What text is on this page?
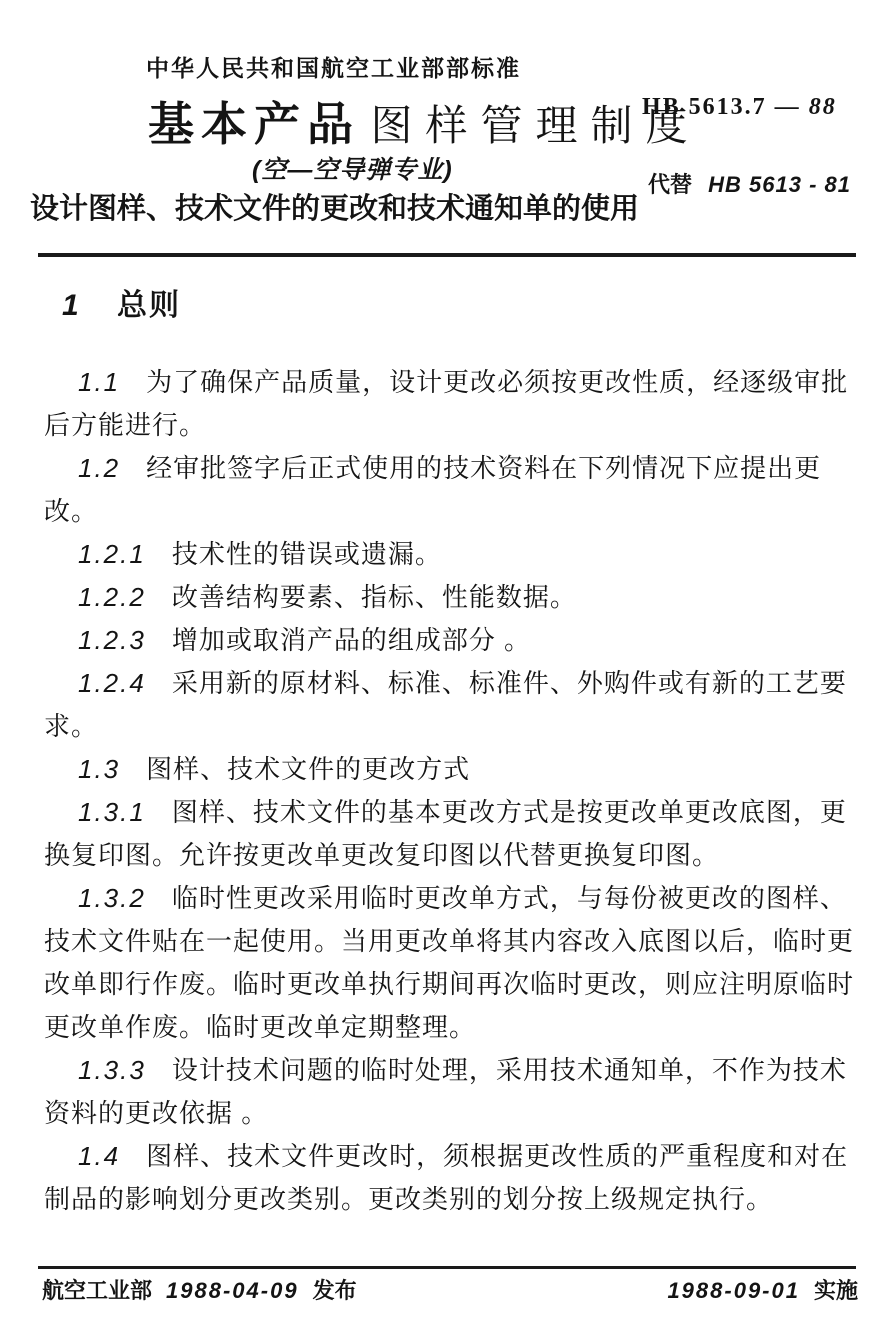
中华人民共和国航空工业部部标准
基本产品 图样管理制度
(空—空导弹专业)
设计图样、技术文件的更改和技术通知单的使用
HB 5613.7 — 88
代替 HB 5613 - 81
1 总则

1.1 为了确保产品质量，设计更改必须按更改性质，经逐级审批后方能进行。

1.2 经审批签字后正式使用的技术资料在下列情况下应提出更改。

1.2.1 技术性的错误或遗漏。

1.2.2 改善结构要素、指标、性能数据。

1.2.3 增加或取消产品的组成部分 。

1.2.4 采用新的原材料、标准、标准件、外购件或有新的工艺要求。

1.3 图样、技术文件的更改方式

1.3.1 图样、技术文件的基本更改方式是按更改单更改底图，更换复印图。允许按更改单更改复印图以代替更换复印图。

1.3.2 临时性更改采用临时更改单方式，与每份被更改的图样、技术文件贴在一起使用。当用更改单将其内容改入底图以后，临时更改单即行作废。临时更改单执行期间再次临时更改，则应注明原临时更改单作废。临时更改单定期整理。

1.3.3 设计技术问题的临时处理，采用技术通知单，不作为技术资料的更改依据 。

1.4 图样、技术文件更改时，须根据更改性质的严重程度和对在制品的影响划分更改类别。更改类别的划分按上级规定执行。

航空工业部 1988-04-09 发布	1988-09-01 实施
